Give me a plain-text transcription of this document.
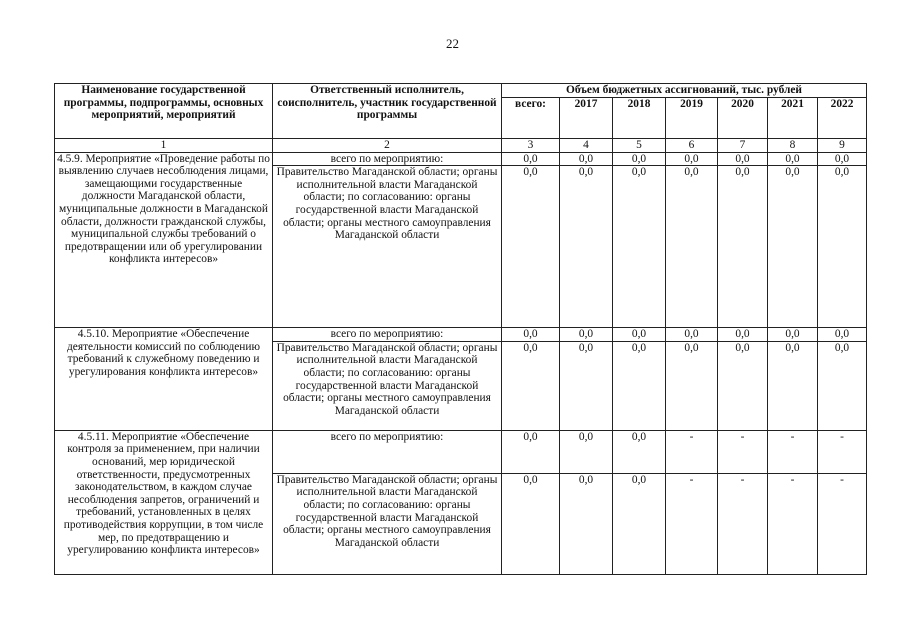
22
Наименование государственной программы, подпрограммы, основных мероприятий, мероприятий	Ответственный исполнитель, соисполнитель, участник государственной программы	Объем бюджетных ассигнований, тыс. рублей						
		всего:	2017	2018	2019	2020	2021	2022
1	2	3	4	5	6	7	8	9
4.5.9. Мероприятие «Проведение работы по выявлению случаев несоблюдения лицами, замещающими государственные должности Магаданской области, муниципальные должности в Магаданской области, должности гражданской службы, муниципальной службы требований о предотвращении или об урегулировании конфликта интересов»	всего по мероприятию:	0,0	0,0	0,0	0,0	0,0	0,0	0,0
	Правительство Магаданской области; органы исполнительной власти Магаданской области; по согласованию: органы государственной власти Магаданской области; органы местного самоуправления Магаданской области	0,0	0,0	0,0	0,0	0,0	0,0	0,0
4.5.10. Мероприятие «Обеспечение деятельности комиссий по соблюдению требований к служебному поведению и урегулирования конфликта интересов»	всего по мероприятию:	0,0	0,0	0,0	0,0	0,0	0,0	0,0
	Правительство Магаданской области; органы исполнительной власти Магаданской области; по согласованию: органы государственной власти Магаданской области; органы местного самоуправления Магаданской области	0,0	0,0	0,0	0,0	0,0	0,0	0,0
4.5.11. Мероприятие «Обеспечение контроля за применением, при наличии оснований, мер юридической ответственности, предусмотренных законодательством, в каждом случае несоблюдения запретов, ограничений и требований, установленных в целях противодействия коррупции, в том числе мер, по предотвращению и урегулированию конфликта интересов»	всего по мероприятию:	0,0	0,0	0,0	-	-	-	-
	Правительство Магаданской области; органы исполнительной власти Магаданской области; по согласованию: органы государственной власти Магаданской области; органы местного самоуправления Магаданской области	0,0	0,0	0,0	-	-	-	-
